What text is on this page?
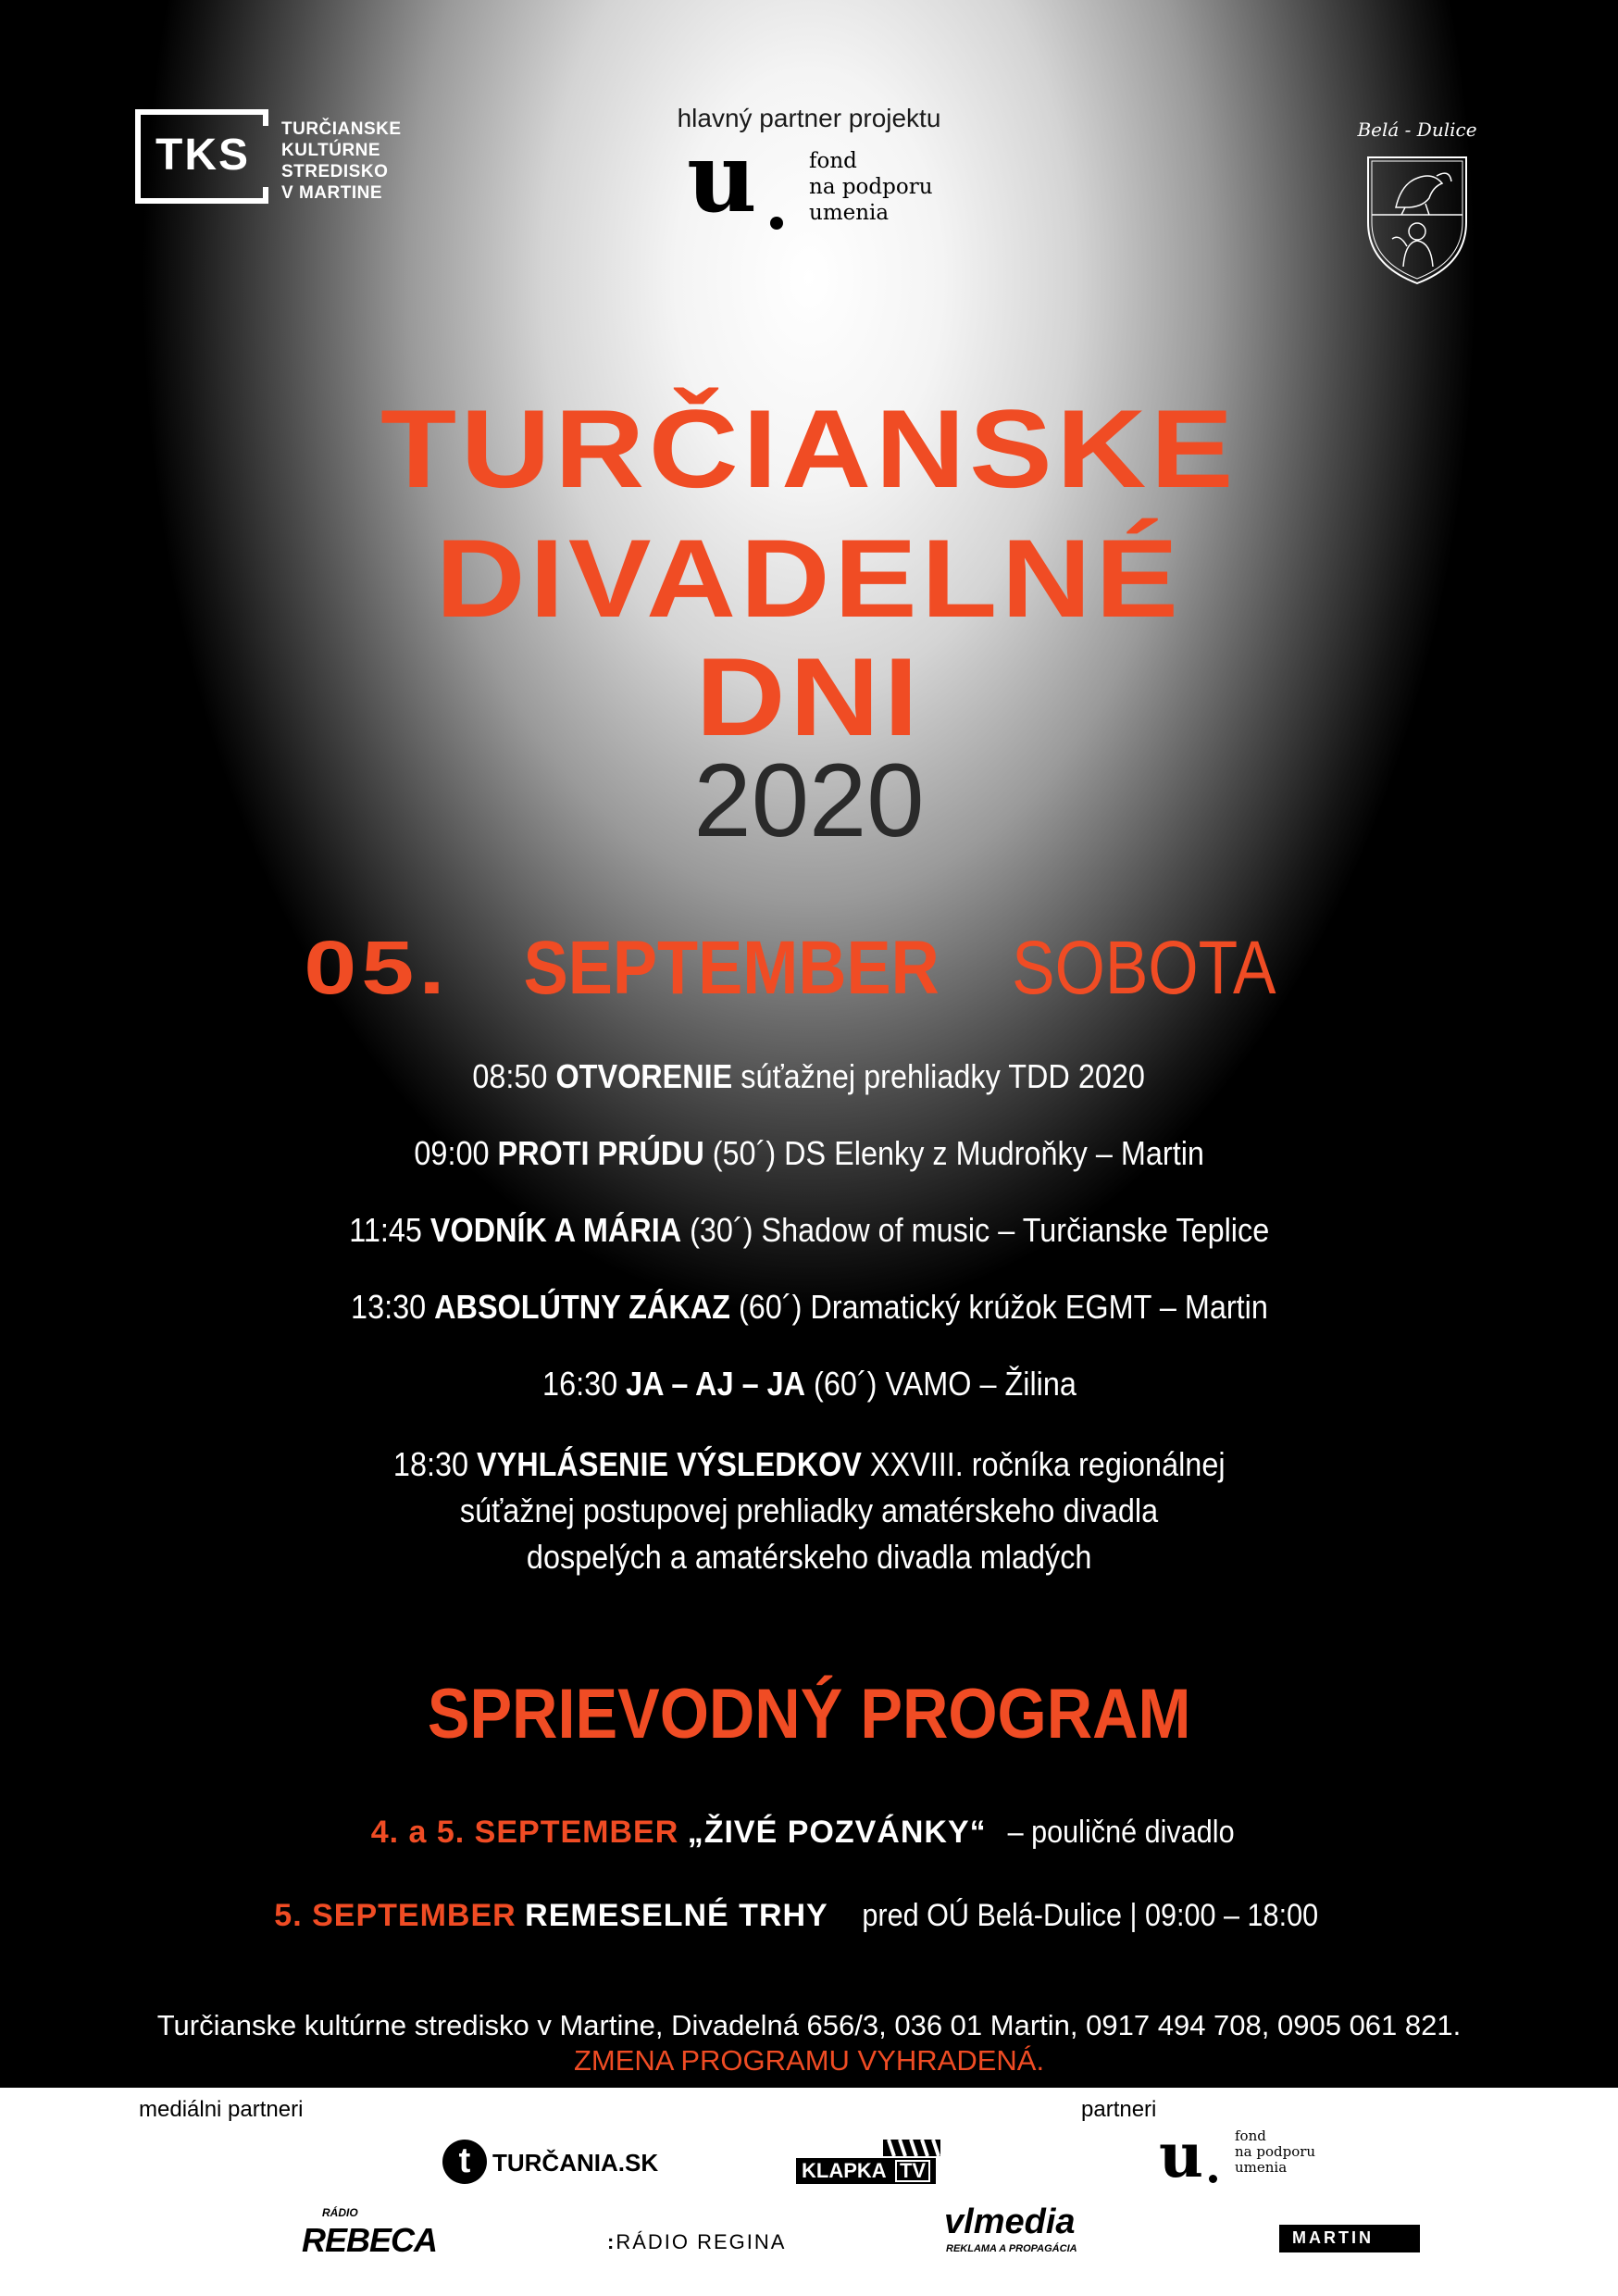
TKS
TURČIANSKE
KULTÚRNE
STREDISKO
V MARTINE
hlavný partner projektu
u fond
na podporu
umenia
Belá - Dulice
TURČIANSKE
DIVADELNÉ
DNI
2020
05. SEPTEMBER SOBOTA
08:50 OTVORENIE súťažnej prehliadky TDD 2020
09:00 PROTI PRÚDU (50´) DS Elenky z Mudroňky – Martin
11:45 VODNÍK A MÁRIA (30´) Shadow of music – Turčianske Teplice
13:30 ABSOLÚTNY ZÁKAZ (60´) Dramatický krúžok EGMT – Martin
16:30 JA – AJ – JA (60´) VAMO – Žilina
18:30 VYHLÁSENIE VÝSLEDKOV XXVIII. ročníka regionálnej
súťažnej postupovej prehliadky amatérskeho divadla
dospelých a amatérskeho divadla mladých
SPRIEVODNÝ PROGRAM
4. a 5. SEPTEMBER „ŽIVÉ POZVÁNKY“ – pouličné divadlo
5. SEPTEMBER REMESELNÉ TRHY pred OÚ Belá-Dulice | 09:00 – 18:00
Turčianske kultúrne stredisko v Martine, Divadelná 656/3, 036 01 Martin, 0917 494 708, 0905 061 821.
ZMENA PROGRAMU VYHRADENÁ.
mediálni partneri	partneri
t TURČANIA.SK	KLAPKA TV	u fond
na podporu
umenia
RÁDIO
REBECA	:RÁDIO REGINA
vlmedia
REKLAMA A PROPAGÁCIA
MARTIN
